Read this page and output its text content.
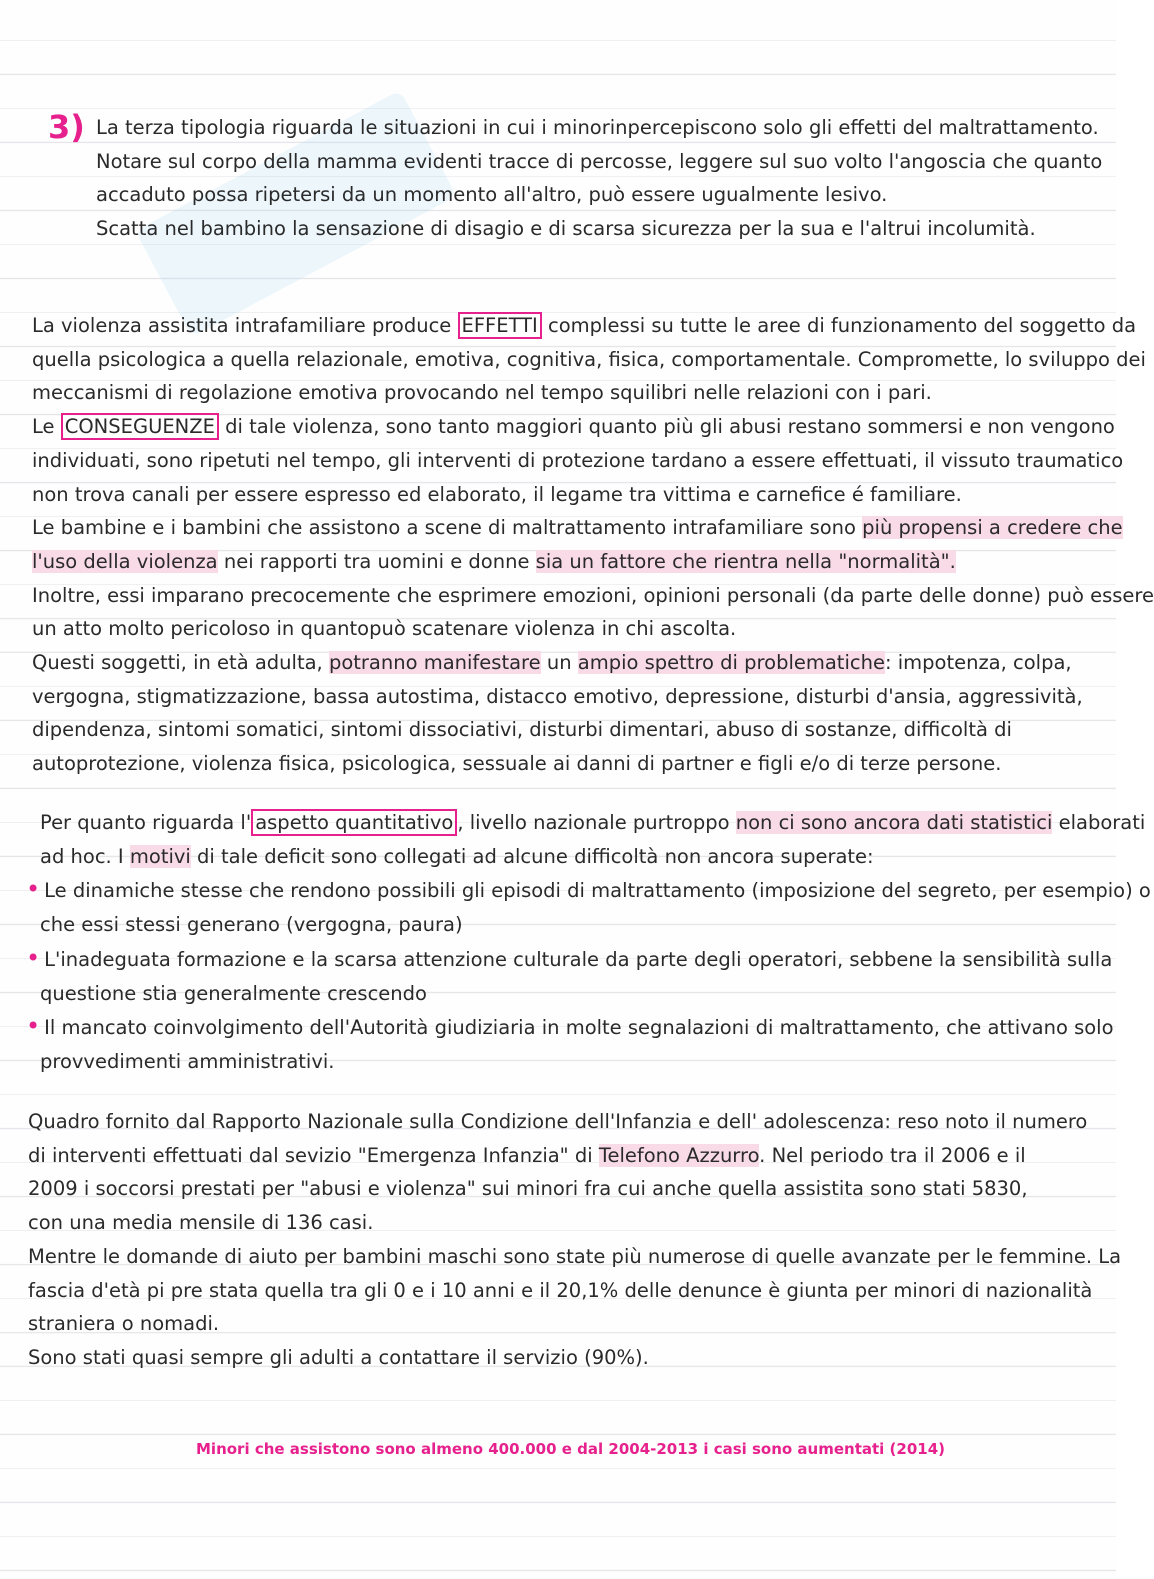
3) La terza tipologia riguarda le situazioni in cui i minorinpercepiscono solo gli effetti del maltrattamento.
Notare sul corpo della mamma evidenti tracce di percosse, leggere sul suo volto l'angoscia che quanto
accaduto possa ripetersi da un momento all'altro, può essere ugualmente lesivo.
Scatta nel bambino la sensazione di disagio e di scarsa sicurezza per la sua e l'altrui incolumità.
La violenza assistita intrafamiliare produce EFFETTI complessi su tutte le aree di funzionamento del soggetto da
quella psicologica a quella relazionale, emotiva, cognitiva, fisica, comportamentale. Compromette, lo sviluppo dei
meccanismi di regolazione emotiva provocando nel tempo squilibri nelle relazioni con i pari.
Le CONSEGUENZE di tale violenza, sono tanto maggiori quanto più gli abusi restano sommersi e non vengono
individuati, sono ripetuti nel tempo, gli interventi di protezione tardano a essere effettuati, il vissuto traumatico
non trova canali per essere espresso ed elaborato, il legame tra vittima e carnefice é familiare.
Le bambine e i bambini che assistono a scene di maltrattamento intrafamiliare sono più propensi a credere che
l'uso della violenza nei rapporti tra uomini e donne sia un fattore che rientra nella "normalità".
Inoltre, essi imparano precocemente che esprimere emozioni, opinioni personali (da parte delle donne) può essere
un atto molto pericoloso in quantopuò scatenare violenza in chi ascolta.
Questi soggetti, in età adulta, potranno manifestare un ampio spettro di problematiche: impotenza, colpa,
vergogna, stigmatizzazione, bassa autostima, distacco emotivo, depressione, disturbi d'ansia, aggressività,
dipendenza, sintomi somatici, sintomi dissociativi, disturbi dimentari, abuso di sostanze, difficoltà di
autoprotezione, violenza fisica, psicologica, sessuale ai danni di partner e figli e/o di terze persone.
Per quanto riguarda l' aspetto quantitativo , livello nazionale purtroppo non ci sono ancora dati statistici elaborati
ad hoc. I motivi di tale deficit sono collegati ad alcune difficoltà non ancora superate:
• Le dinamiche stesse che rendono possibili gli episodi di maltrattamento (imposizione del segreto, per esempio) o
che essi stessi generano (vergogna, paura)
• L'inadeguata formazione e la scarsa attenzione culturale da parte degli operatori, sebbene la sensibilità sulla
questione stia generalmente crescendo
• Il mancato coinvolgimento dell'Autorità giudiziaria in molte segnalazioni di maltrattamento, che attivano solo
provvedimenti amministrativi.
Quadro fornito dal Rapporto Nazionale sulla Condizione dell'Infanzia e dell' adolescenza: reso noto il numero
di interventi effettuati dal sevizio "Emergenza Infanzia" di Telefono Azzurro. Nel periodo tra il 2006 e il
2009 i soccorsi prestati per "abusi e violenza" sui minori fra cui anche quella assistita sono stati 5830,
con una media mensile di 136 casi.
Mentre le domande di aiuto per bambini maschi sono state più numerose di quelle avanzate per le femmine. La
fascia d'età pi pre stata quella tra gli 0 e i 10 anni e il 20,1% delle denunce è giunta per minori di nazionalità
straniera o nomadi.
Sono stati quasi sempre gli adulti a contattare il servizio (90%).
Minori che assistono sono almeno 400.000 e dal 2004-2013 i casi sono aumentati (2014)
